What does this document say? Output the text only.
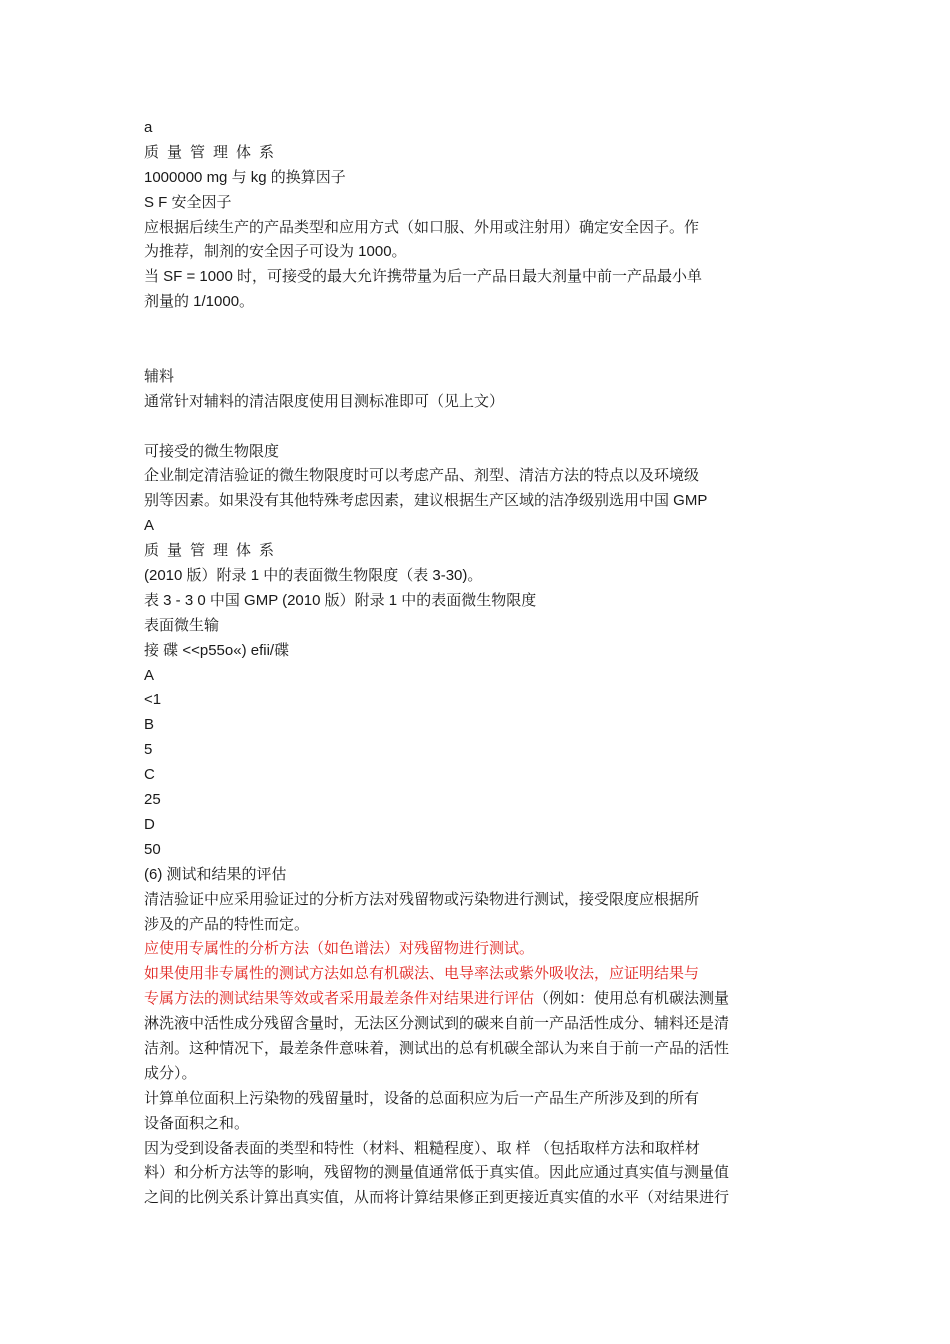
a
质量管理体系
1000000 mg 与 kg 的换算因子
S F 安全因子
应根据后续生产的产品类型和应用方式（如口服、外用或注射用）确定安全因子。作
为推荐，制剂的安全因子可设为 1000。
当 SF = 1000 时，可接受的最大允许携带量为后一产品日最大剂量中前一产品最小单
剂量的 1/1000。
辅料
通常针对辅料的清洁限度使用目测标准即可（见上文）
可接受的微生物限度
企业制定清洁验证的微生物限度时可以考虑产品、剂型、清洁方法的特点以及环境级
别等因素。如果没有其他特殊考虑因素，建议根据生产区域的洁净级别选用中国 GMP
A
质量管理体系
(2010 版）附录 1 中的表面微生物限度（表 3-30)。
表 3 - 3 0 中国 GMP (2010 版）附录 1 中的表面微生物限度
表面微生输
接 碟 <<p55o«) efii/碟
A
<1
B
5
C
25
D
50
(6) 测试和结果的评估
清洁验证中应采用验证过的分析方法对残留物或污染物进行测试，接受限度应根据所
涉及的产品的特性而定。
应使用专属性的分析方法（如色谱法）对残留物进行测试。
如果使用非专属性的测试方法如总有机碳法、电导率法或紫外吸收法，应证明结果与
专属方法的测试结果等效或者采用最差条件对结果进行评估（例如：使用总有机碳法测量
淋洗液中活性成分残留含量时，无法区分测试到的碳来自前一产品活性成分、辅料还是清
洁剂。这种情况下，最差条件意味着，测试出的总有机碳全部认为来自于前一产品的活性
成分）。
计算单位面积上污染物的残留量时，设备的总面积应为后一产品生产所涉及到的所有
设备面积之和。
因为受到设备表面的类型和特性（材料、粗糙程度）、取 样 （包括取样方法和取样材
料）和分析方法等的影响，残留物的测量值通常低于真实值。因此应通过真实值与测量值
之间的比例关系计算出真实值，从而将计算结果修正到更接近真实值的水平（对结果进行
